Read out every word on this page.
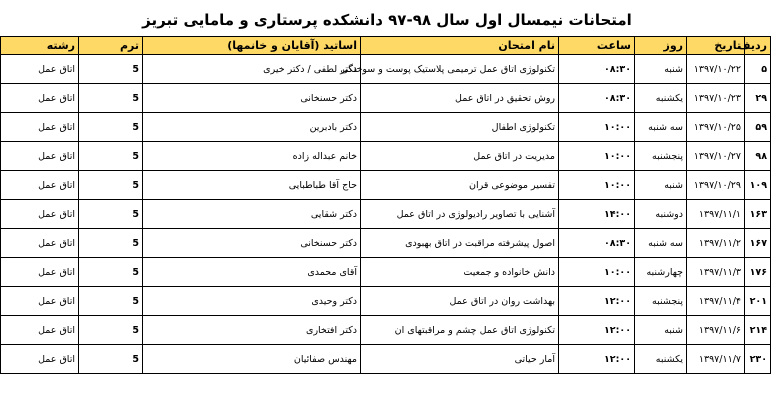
امتحانات نیمسال اول سال ۹۸-۹۷ دانشکده پرستاری و مامایی تبریز
ردیف	تاریخ	روز	ساعت	نام امتحان	اساتید (آقایان و خانمها)	ترم	رشته
۵	۱۳۹۷/۱۰/۲۲	شنبه	۰۸:۳۰	تکنولوژی اتاق عمل ترمیمی پلاستیک پوست و سوختگی	دکتر لطفی / دکتر خیری	5	اتاق عمل
۲۹	۱۳۹۷/۱۰/۲۳	یکشنبه	۰۸:۳۰	روش تحقیق در اتاق عمل	دکتر حسنخانی	5	اتاق عمل
۵۹	۱۳۹۷/۱۰/۲۵	سه شنبه	۱۰:۰۰	تکنولوژی اطفال	دکتر بادبرین	5	اتاق عمل
۹۸	۱۳۹۷/۱۰/۲۷	پنجشنبه	۱۰:۰۰	مدیریت در اتاق عمل	خانم عبداله زاده	5	اتاق عمل
۱۰۹	۱۳۹۷/۱۰/۲۹	شنبه	۱۰:۰۰	تفسیر موضوعی قران	حاج آقا طباطبایی	5	اتاق عمل
۱۶۳	۱۳۹۷/۱۱/۱	دوشنبه	۱۴:۰۰	آشنایی با تصاویر رادیولوژی در اتاق عمل	دکتر شقایی	5	اتاق عمل
۱۶۷	۱۳۹۷/۱۱/۲	سه شنبه	۰۸:۳۰	اصول پیشرفته مراقبت در اتاق بهبودی	دکتر حسنخانی	5	اتاق عمل
۱۷۶	۱۳۹۷/۱۱/۳	چهارشنبه	۱۰:۰۰	دانش خانواده و جمعیت	آقای محمدی	5	اتاق عمل
۲۰۱	۱۳۹۷/۱۱/۴	پنجشنبه	۱۲:۰۰	بهداشت روان در اتاق عمل	دکتر وحیدی	5	اتاق عمل
۲۱۴	۱۳۹۷/۱۱/۶	شنبه	۱۲:۰۰	تکنولوژی اتاق عمل چشم و مراقبتهای ان	دکتر افتخاری	5	اتاق عمل
۲۳۰	۱۳۹۷/۱۱/۷	یکشنبه	۱۲:۰۰	آمار حیاتی	مهندس صفائیان	5	اتاق عمل
